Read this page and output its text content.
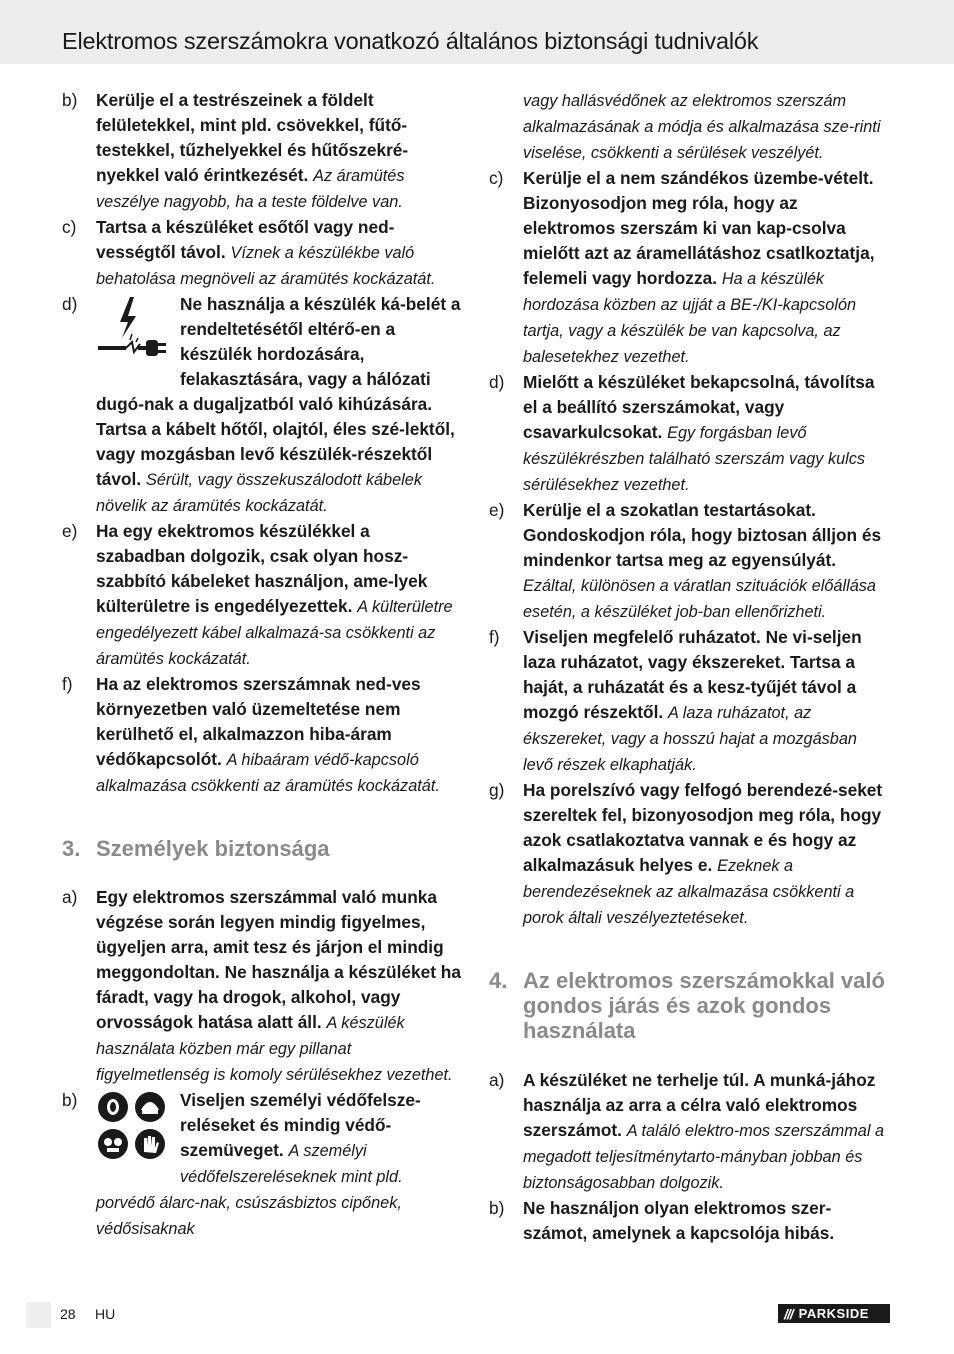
Elektromos szerszámokra vonatkozó általános biztonsági tudnivalók
b)	Kerülje el a testrészeinek a földelt felületekkel, mint pld. csövekkel, fűtő-testekkel, tűzhelyekkel és hűtőszekré-nyekkel való érintkezését. Az áramütés veszélye nagyobb, ha a teste földelve van.
c)	Tartsa a készüléket esőtől vagy ned-vességtől távol. Víznek a készülékbe való behatolása megnöveli az áramütés kockázatát.
d)	Ne használja a készülék ká-belét a rendeltetésétől eltérő-en a készülék hordozására, felakasztására, vagy a hálózati dugó-nak a dugaljzatból való kihúzására. Tartsa a kábelt hőtől, olajtól, éles szé-lektől, vagy mozgásban levő készülék-részektől távol. Sérült, vagy összekuszálodott kábelek növelik az áramütés kockázatát.
e)	Ha egy ekektromos készülékkel a szabadban dolgozik, csak olyan hosz-szabbító kábeleket használjon, ame-lyek külterületre is engedélyezettek. A külterületre engedélyezett kábel alkalmazá-sa csökkenti az áramütés kockázatát.
f)	Ha az elektromos szerszámnak ned-ves környezetben való üzemeltetése nem kerülhető el, alkalmazzon hiba-áram védőkapcsolót. A hibaáram védő-kapcsoló alkalmazása csökkenti az áramütés kockázatát.
3. Személyek biztonsága
a)	Egy elektromos szerszámmal való munka végzése során legyen mindig figyelmes, ügyeljen arra, amit tesz és járjon el mindig meggondoltan. Ne használja a készüléket ha fáradt, vagy ha drogok, alkohol, vagy orvosságok hatása alatt áll. A készülék használata közben már egy pillanat figyelmetlenség is komoly sérülésekhez vezethet.
b)	Viseljen személyi védőfelsze-reléseket és mindig védő-szemüveget. A személyi védőfelszereléseknek mint pld. porvédő álarc-nak, csúszásbiztos cipőnek, védősisaknak
vagy hallásvédőnek az elektromos szerszám alkalmazásának a módja és alkalmazása sze-rinti viselése, csökkenti a sérülések veszélyét.
c)	Kerülje el a nem szándékos üzembe-vételt. Bizonyosodjon meg róla, hogy az elektromos szerszám ki van kap-csolva mielőtt azt az áramellátáshoz csatlkoztatja, felemeli vagy hordozza. Ha a készülék hordozása közben az ujját a BE-/KI-kapcsolón tartja, vagy a készülék be van kapcsolva, az balesetekhez vezethet.
d)	Mielőtt a készüléket bekapcsolná, távolítsa el a beállító szerszámokat, vagy csavarkulcsokat. Egy forgásban levő készülékrészben található szerszám vagy kulcs sérülésekhez vezethet.
e)	Kerülje el a szokatlan testartásokat. Gondoskodjon róla, hogy biztosan álljon és mindenkor tartsa meg az egyensúlyát. Ezáltal, különösen a váratlan szituációk előállása esetén, a készüléket job-ban ellenőrizheti.
f)	Viseljen megfelelő ruházatot. Ne vi-seljen laza ruházatot, vagy ékszereket. Tartsa a haját, a ruházatát és a kesz-tyűjét távol a mozgó részektől. A laza ruházatot, az ékszereket, vagy a hosszú hajat a mozgásban levő részek elkaphatják.
g)	Ha porelszívó vagy felfogó berendezé-seket szereltek fel, bizonyosodjon meg róla, hogy azok csatlakoztatva vannak e és hogy az alkalmazásuk helyes e. Ezeknek a berendezéseknek az alkalmazása csökkenti a porok általi veszélyeztetéseket.
4. Az elektromos szerszámokkal való gondos járás és azok gondos használata
a)	A készüléket ne terhelje túl. A munká-jához használja az arra a célra való elektromos szerszámot. A találó elektro-mos szerszámmal a megadott teljesítménytarto-mányban jobban és biztonságosabban dolgozik.
b)	Ne használjon olyan elektromos szer-számot, amelynek a kapcsolója hibás.
28 HU	/// PARKSIDE
